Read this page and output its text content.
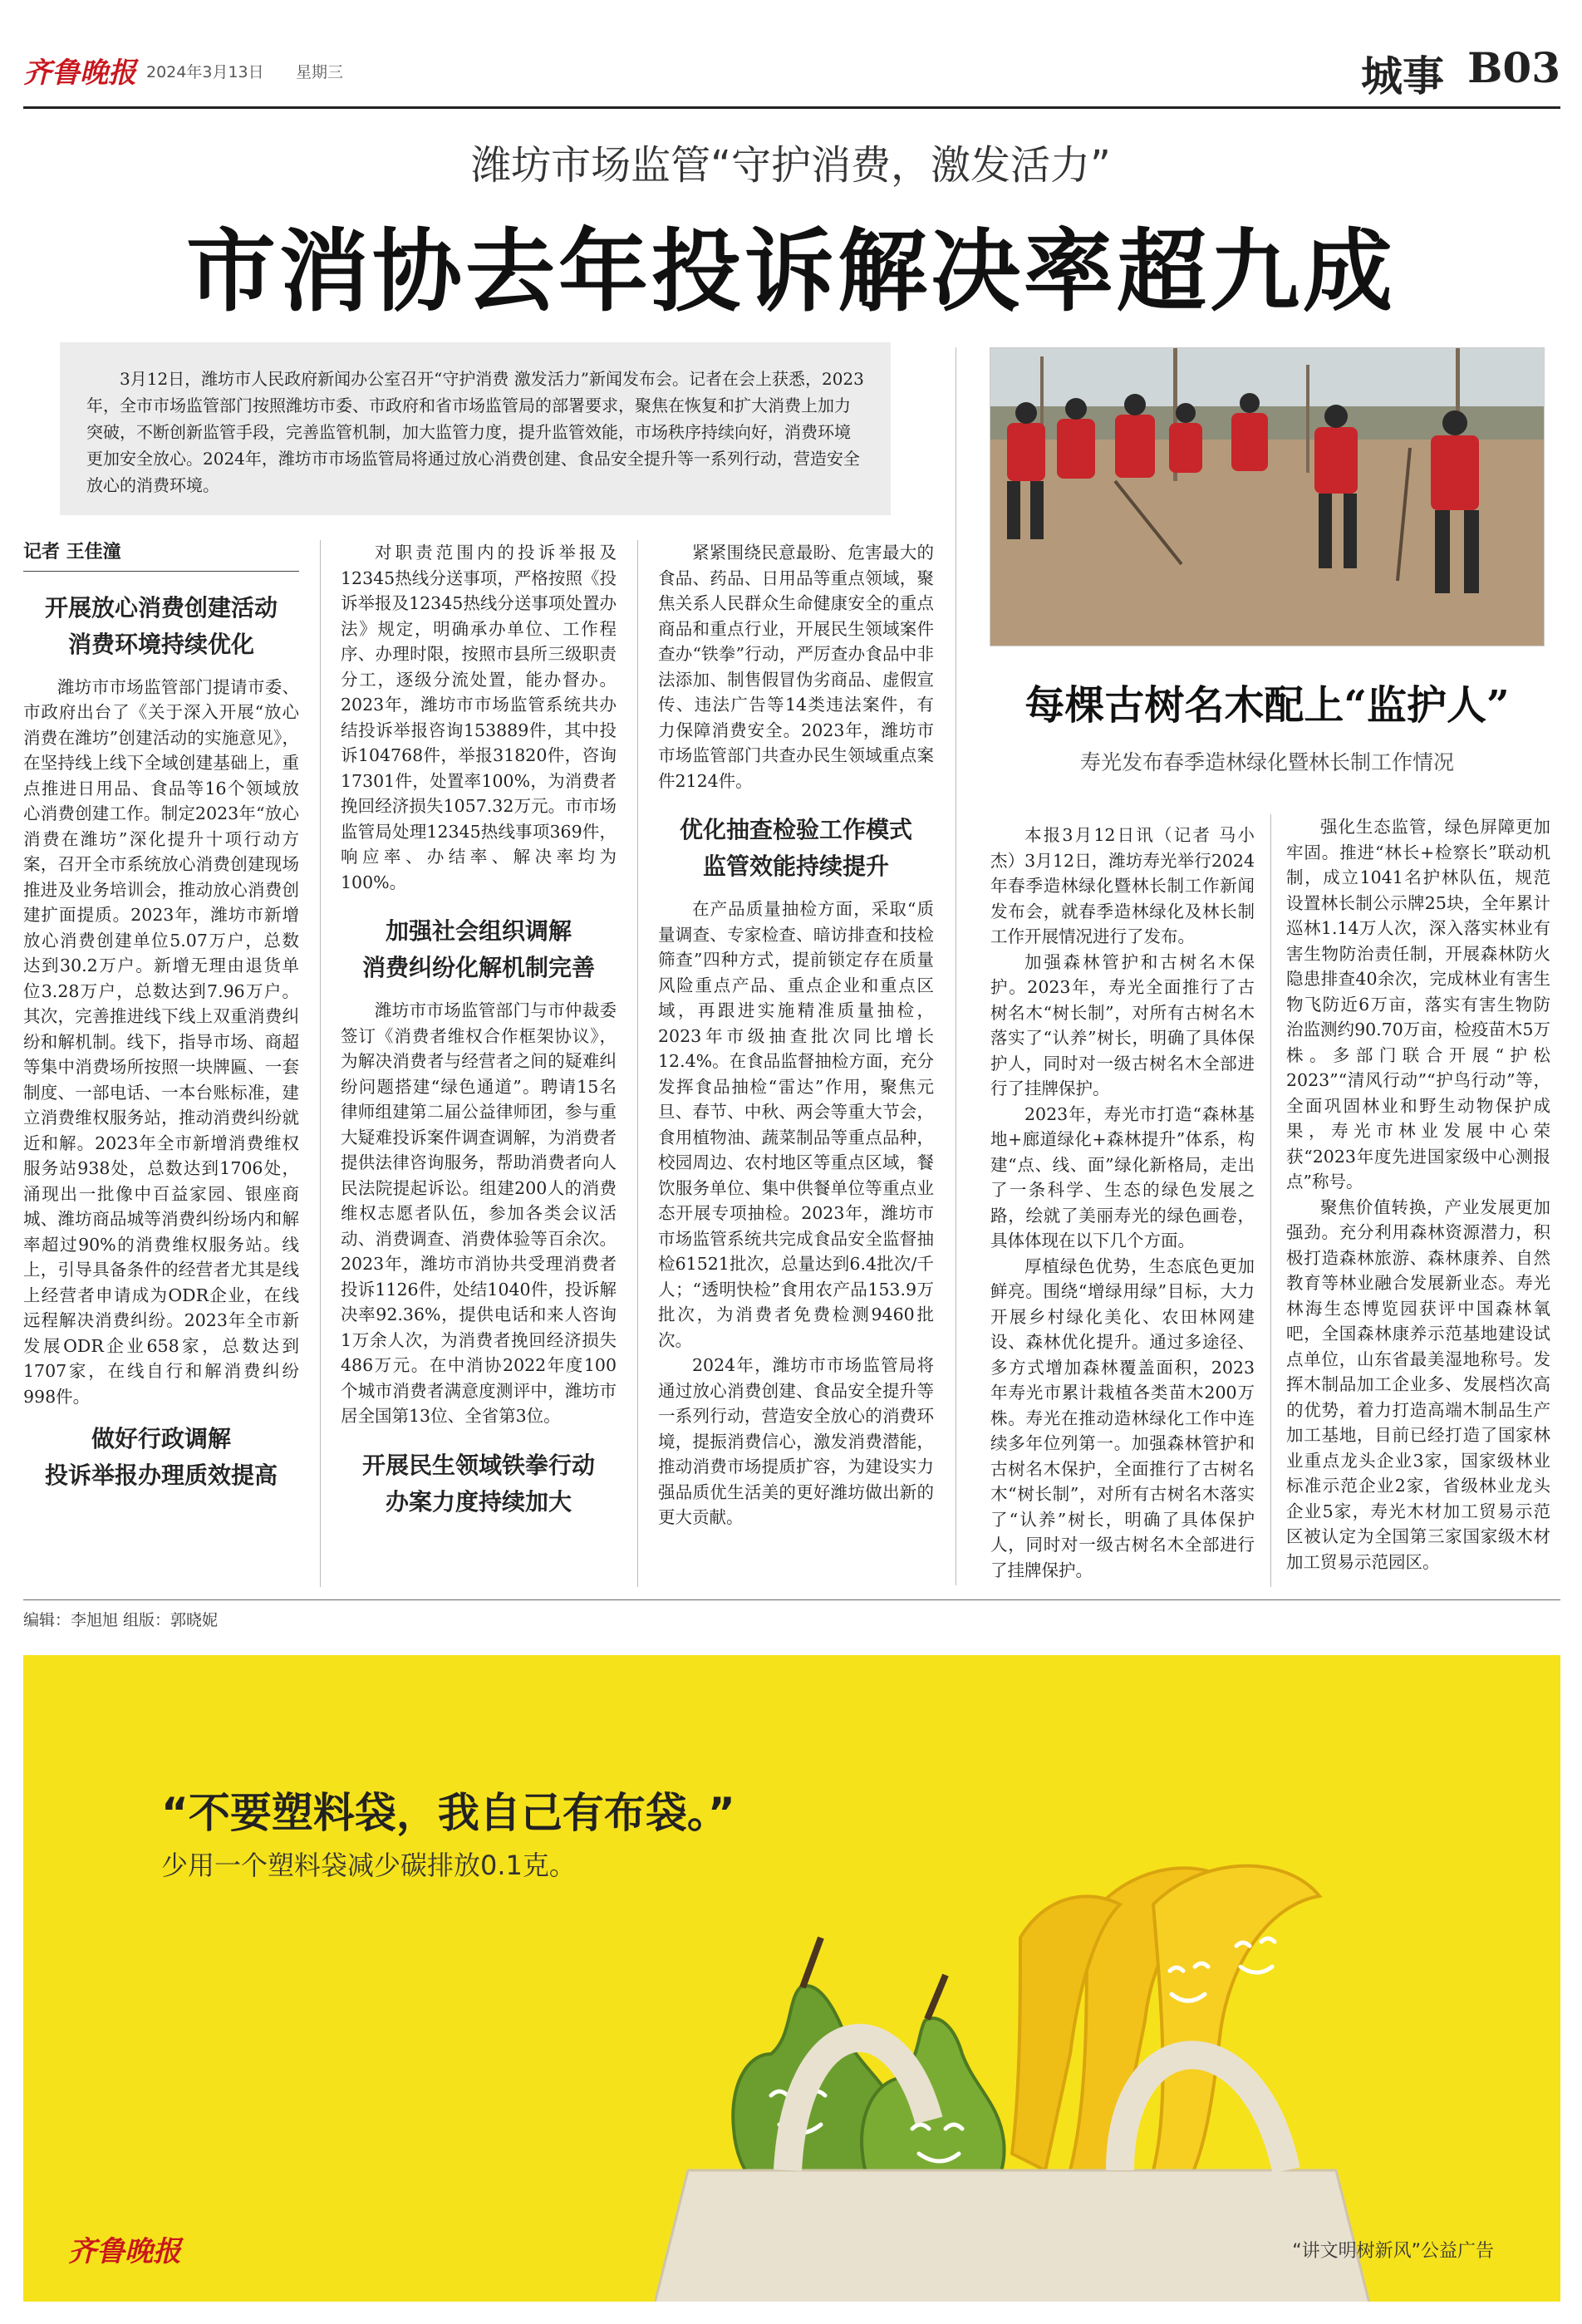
齐鲁晚报 2024年3月13日 星期三	城事 B03
潍坊市场监管“守护消费，激发活力”
市消协去年投诉解决率超九成
3月12日，潍坊市人民政府新闻办公室召开“守护消费 激发活力”新闻发布会。记者在会上获悉，2023年，全市市场监管部门按照潍坊市委、市政府和省市场监管局的部署要求，聚焦在恢复和扩大消费上加力突破，不断创新监管手段，完善监管机制，加大监管力度，提升监管效能，市场秩序持续向好，消费环境更加安全放心。2024年，潍坊市市场监管局将通过放心消费创建、食品安全提升等一系列行动，营造安全放心的消费环境。
记者 王佳潼
开展放心消费创建活动
消费环境持续优化

潍坊市市场监管部门提请市委、市政府出台了《关于深入开展“放心消费在潍坊”创建活动的实施意见》，在坚持线上线下全域创建基础上，重点推进日用品、食品等16个领域放心消费创建工作。制定2023年“放心消费在潍坊”深化提升十项行动方案，召开全市系统放心消费创建现场推进及业务培训会，推动放心消费创建扩面提质。2023年，潍坊市新增放心消费创建单位5.07万户，总数达到30.2万户。新增无理由退货单位3.28万户，总数达到7.96万户。其次，完善推进线下线上双重消费纠纷和解机制。线下，指导市场、商超等集中消费场所按照一块牌匾、一套制度、一部电话、一本台账标准，建立消费维权服务站，推动消费纠纷就近和解。2023年全市新增消费维权服务站938处，总数达到1706处，涌现出一批像中百益家园、银座商城、潍坊商品城等消费纠纷场内和解率超过90%的消费维权服务站。线上，引导具备条件的经营者尤其是线上经营者申请成为ODR企业，在线远程解决消费纠纷。2023年全市新发展ODR企业658家，总数达到1707家，在线自行和解消费纠纷998件。

做好行政调解
投诉举报办理质效提高

对职责范围内的投诉举报及12345热线分送事项，严格按照《投诉举报及12345热线分送事项处置办法》规定，明确承办单位、工作程序、办理时限，按照市县所三级职责分工，逐级分流处置，能办督办。2023年，潍坊市市场监管系统共办结投诉举报咨询153889件，其中投诉104768件，举报31820件，咨询17301件，处置率100%，为消费者挽回经济损失1057.32万元。市市场监管局处理12345热线事项369件，响应率、办结率、解决率均为100%。

加强社会组织调解
消费纠纷化解机制完善

潍坊市市场监管部门与市仲裁委签订《消费者维权合作框架协议》，为解决消费者与经营者之间的疑难纠纷问题搭建“绿色通道”。聘请15名律师组建第二届公益律师团，参与重大疑难投诉案件调查调解，为消费者提供法律咨询服务，帮助消费者向人民法院提起诉讼。组建200人的消费维权志愿者队伍，参加各类会议活动、消费调查、消费体验等百余次。2023年，潍坊市消协共受理消费者投诉1126件，处结1040件，投诉解决率92.36%，提供电话和来人咨询1万余人次，为消费者挽回经济损失486万元。在中消协2022年度100个城市消费者满意度测评中，潍坊市居全国第13位、全省第3位。

开展民生领域铁拳行动
办案力度持续加大

紧紧围绕民意最盼、危害最大的食品、药品、日用品等重点领域，聚焦关系人民群众生命健康安全的重点商品和重点行业，开展民生领域案件查办“铁拳”行动，严厉查办食品中非法添加、制售假冒伪劣商品、虚假宣传、违法广告等14类违法案件，有力保障消费安全。2023年，潍坊市市场监管部门共查办民生领域重点案件2124件。

优化抽查检验工作模式
监管效能持续提升

在产品质量抽检方面，采取“质量调查、专家检查、暗访排查和技检筛查”四种方式，提前锁定存在质量风险重点产品、重点企业和重点区域，再跟进实施精准质量抽检，2023年市级抽查批次同比增长12.4%。在食品监督抽检方面，充分发挥食品抽检“雷达”作用，聚焦元旦、春节、中秋、两会等重大节会，食用植物油、蔬菜制品等重点品种，校园周边、农村地区等重点区域，餐饮服务单位、集中供餐单位等重点业态开展专项抽检。2023年，潍坊市市场监管系统共完成食品安全监督抽检61521批次，总量达到6.4批次/千人；“透明快检”食用农产品153.9万批次，为消费者免费检测9460批次。

2024年，潍坊市市场监管局将通过放心消费创建、食品安全提升等一系列行动，营造安全放心的消费环境，提振消费信心，激发消费潜能，推动消费市场提质扩容，为建设实力强品质优生活美的更好潍坊做出新的更大贡献。

每棵古树名木配上“监护人”
寿光发布春季造林绿化暨林长制工作情况

本报3月12日讯（记者 马小杰）3月12日，潍坊寿光举行2024年春季造林绿化暨林长制工作新闻发布会，就春季造林绿化及林长制工作开展情况进行了发布。

加强森林管护和古树名木保护。2023年，寿光全面推行了古树名木“树长制”，对所有古树名木落实了“认养”树长，明确了具体保护人，同时对一级古树名木全部进行了挂牌保护。

2023年，寿光市打造“森林基地+廊道绿化+森林提升”体系，构建“点、线、面”绿化新格局，走出了一条科学、生态的绿色发展之路，绘就了美丽寿光的绿色画卷，具体体现在以下几个方面。

厚植绿色优势，生态底色更加鲜亮。围绕“增绿用绿”目标，大力开展乡村绿化美化、农田林网建设、森林优化提升。通过多途径、多方式增加森林覆盖面积，2023年寿光市累计栽植各类苗木200万株。寿光在推动造林绿化工作中连续多年位列第一。加强森林管护和古树名木保护，全面推行了古树名木“树长制”，对所有古树名木落实了“认养”树长，明确了具体保护人，同时对一级古树名木全部进行了挂牌保护。

强化生态监管，绿色屏障更加牢固。推进“林长+检察长”联动机制，成立1041名护林队伍，规范设置林长制公示牌25块，全年累计巡林1.14万人次，深入落实林业有害生物防治责任制，开展森林防火隐患排查40余次，完成林业有害生物飞防近6万亩，落实有害生物防治监测约90.70万亩，检疫苗木5万株。多部门联合开展“护松2023”“清风行动”“护鸟行动”等，全面巩固林业和野生动物保护成果，寿光市林业发展中心荣获“2023年度先进国家级中心测报点”称号。

聚焦价值转换，产业发展更加强劲。充分利用森林资源潜力，积极打造森林旅游、森林康养、自然教育等林业融合发展新业态。寿光林海生态博览园获评中国森林氧吧，全国森林康养示范基地建设试点单位，山东省最美湿地称号。发挥木制品加工企业多、发展档次高的优势，着力打造高端木制品生产加工基地，目前已经打造了国家林业重点龙头企业3家，国家级林业标准示范企业2家，省级林业龙头企业5家，寿光木材加工贸易示范区被认定为全国第三家国家级木材加工贸易示范园区。

编辑：李旭旭 组版：郭晓妮
“不要塑料袋，我自己有布袋。”
少用一个塑料袋减少碳排放0.1克。
齐鲁晚报	“讲文明树新风”公益广告
